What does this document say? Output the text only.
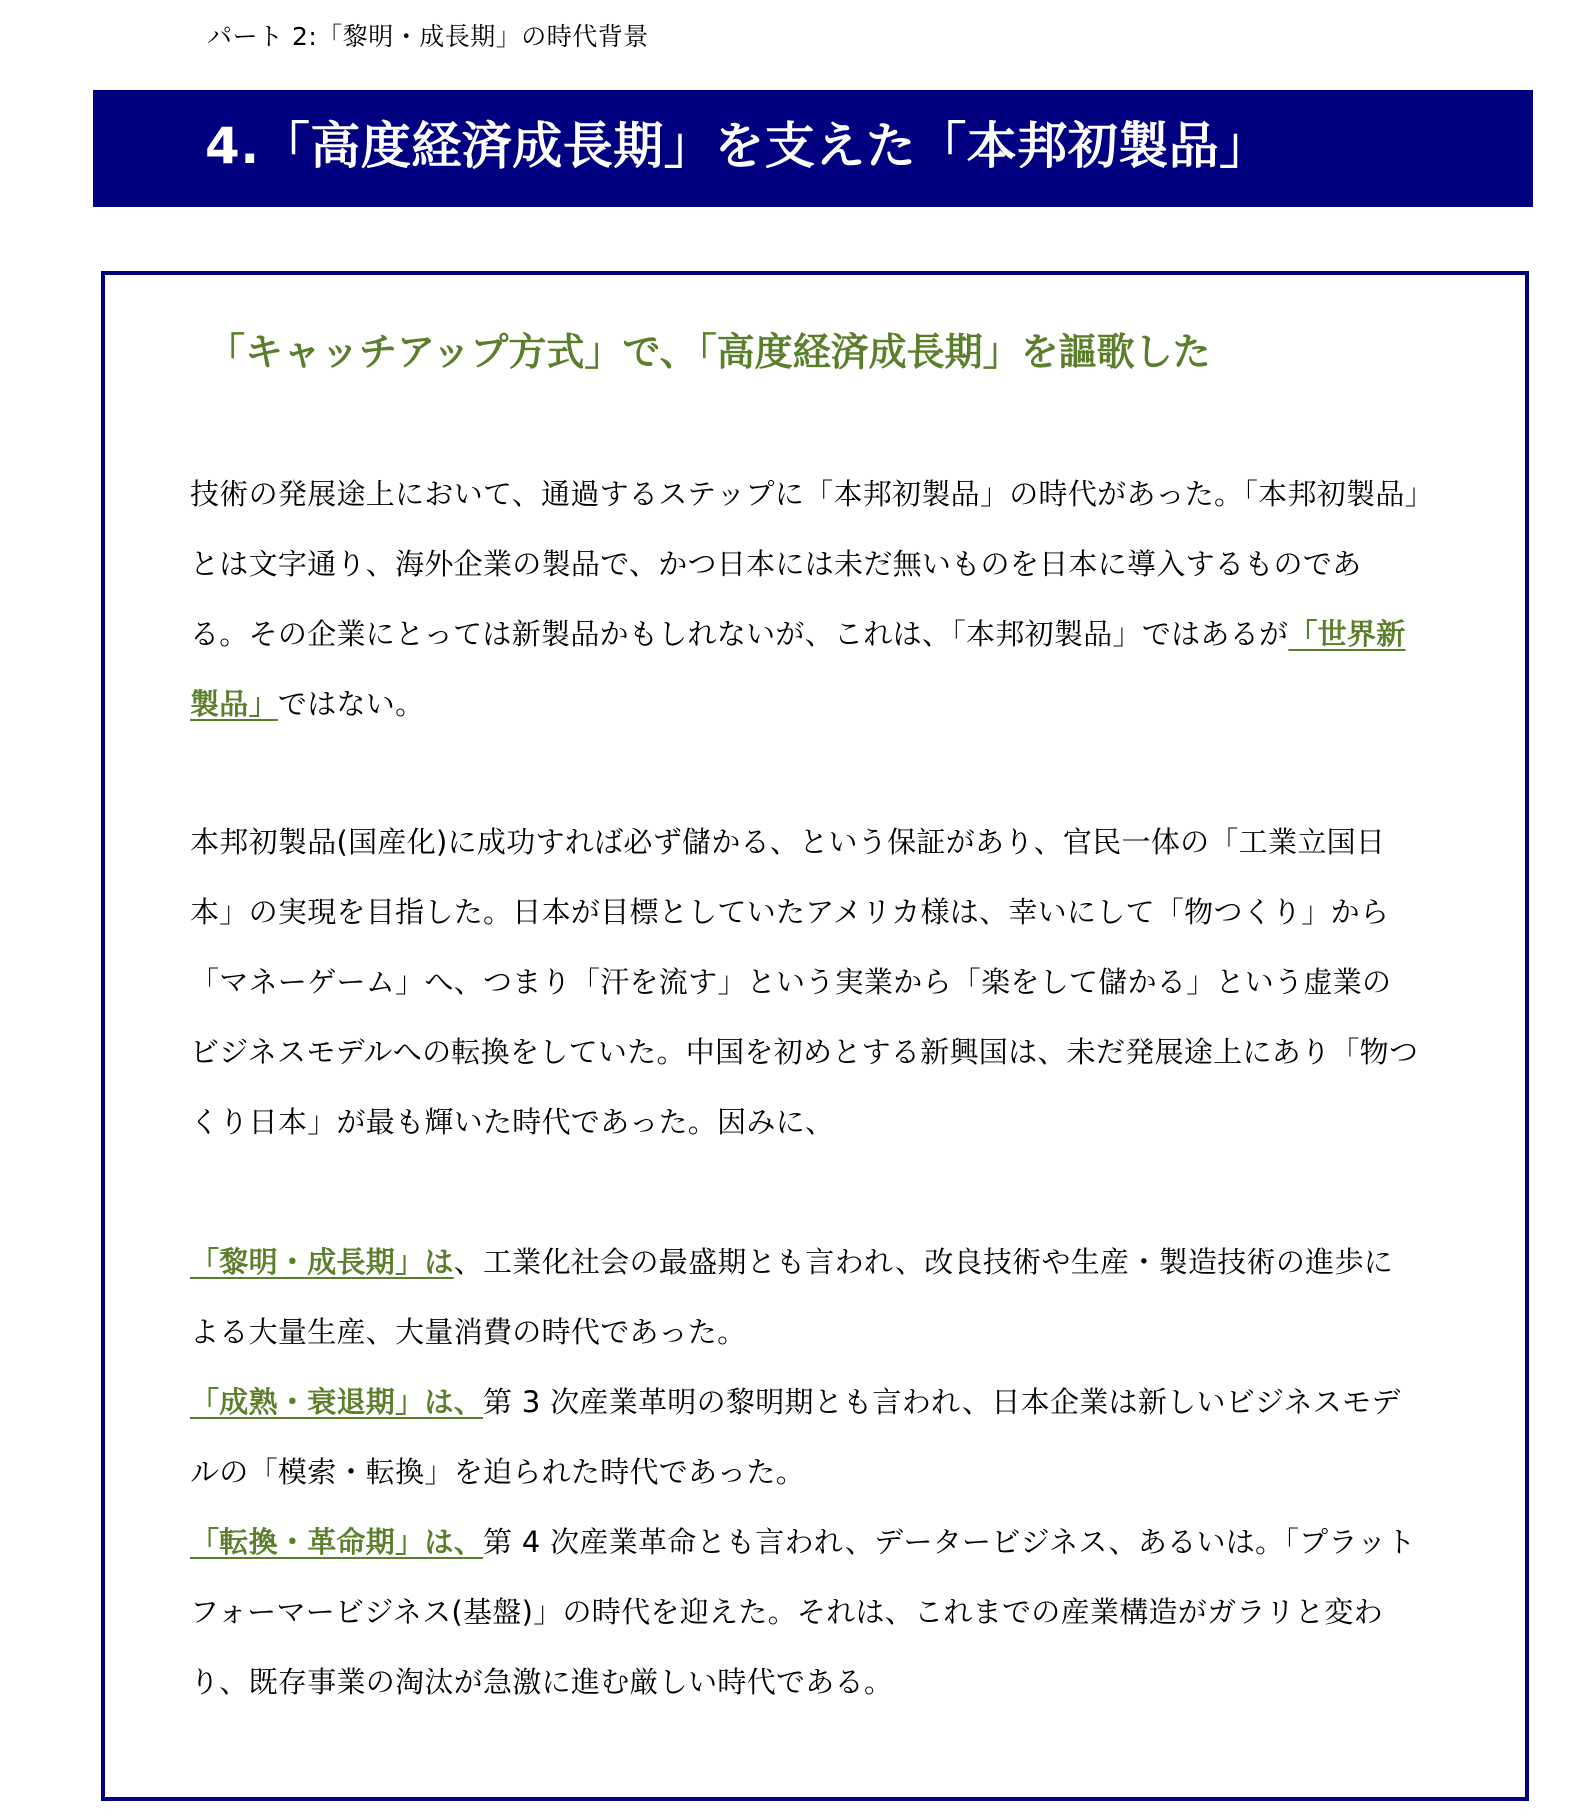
パート 2:「黎明・成長期」の時代背景
4.「高度経済成長期」を支えた「本邦初製品」
「キャッチアップ方式」で、「高度経済成長期」を謳歌した
技術の発展途上において、通過するステップに「本邦初製品」の時代があった。「本邦初製品」とは文字通り、海外企業の製品で、かつ日本には未だ無いものを日本に導入するものである。その企業にとっては新製品かもしれないが、これは、「本邦初製品」ではあるが「世界新製品」ではない。
本邦初製品(国産化)に成功すれば必ず儲かる、という保証があり、官民一体の「工業立国日本」の実現を目指した。日本が目標としていたアメリカ様は、幸いにして「物つくり」から「マネーゲーム」へ、つまり「汗を流す」という実業から「楽をして儲かる」という虚業のビジネスモデルへの転換をしていた。中国を初めとする新興国は、未だ発展途上にあり「物つくり日本」が最も輝いた時代であった。因みに、
「黎明・成長期」は、工業化社会の最盛期とも言われ、改良技術や生産・製造技術の進歩による大量生産、大量消費の時代であった。
「成熟・衰退期」は、第 3 次産業革明の黎明期とも言われ、日本企業は新しいビジネスモデルの「模索・転換」を迫られた時代であった。
「転換・革命期」は、第 4 次産業革命とも言われ、データービジネス、あるいは。「プラットフォーマービジネス(基盤)」の時代を迎えた。それは、これまでの産業構造がガラリと変わり、既存事業の淘汰が急激に進む厳しい時代である。
